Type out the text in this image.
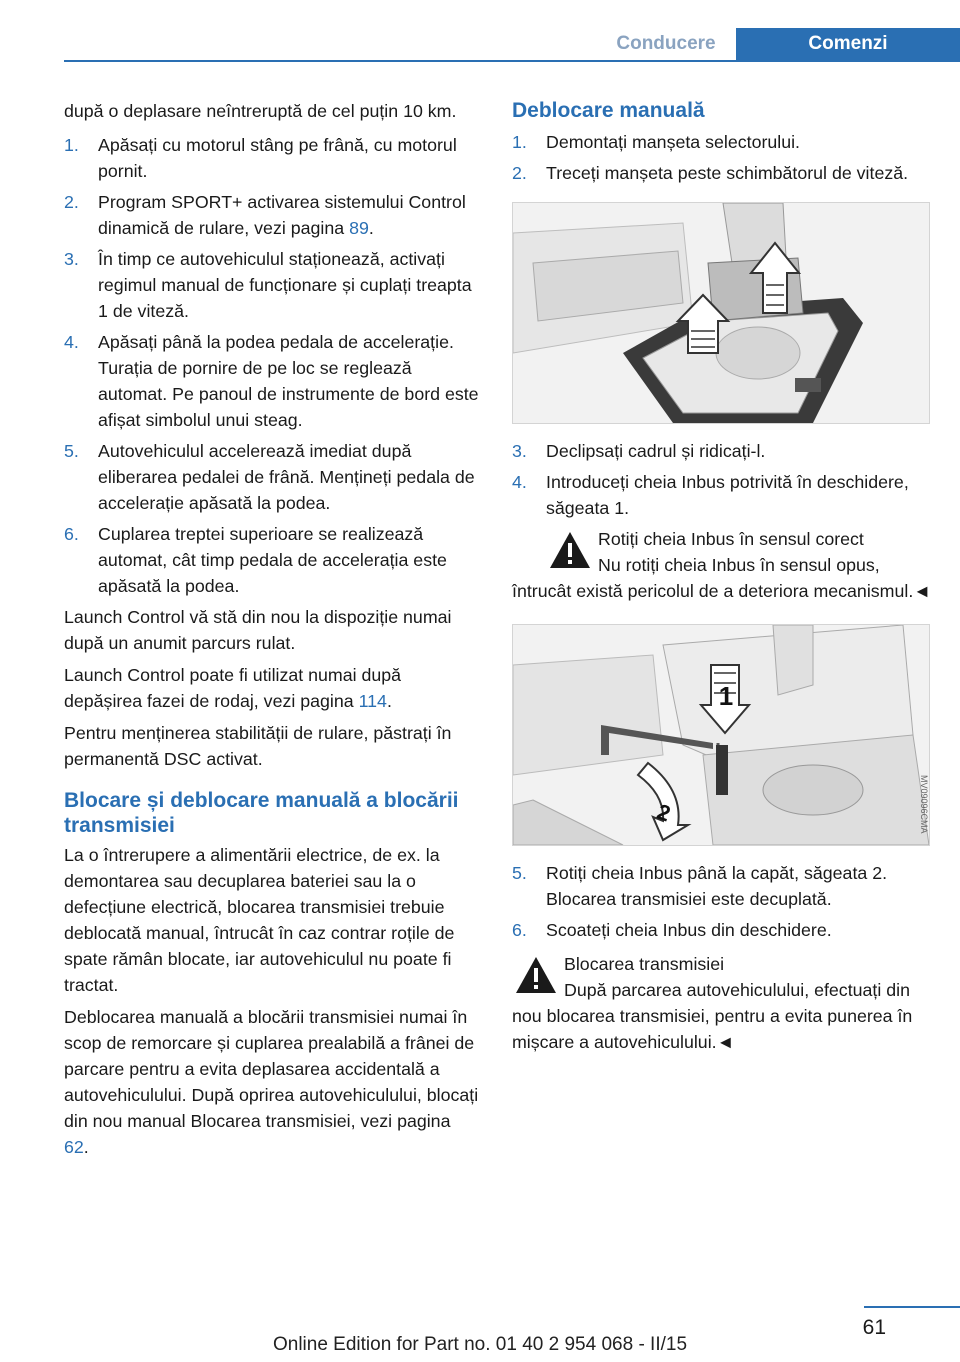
Conducere	Comenzi

după o deplasare neîntreruptă de cel puțin 10 km.

1. Apăsați cu motorul stâng pe frână, cu motorul pornit.
2. Program SPORT+ activarea sistemului Control dinamică de rulare, vezi pagina 89.
3. În timp ce autovehiculul staționează, activați regimul manual de funcționare și cuplați treapta 1 de viteză.
4. Apăsați până la podea pedala de accelerație. Turația de pornire de pe loc se reglează automat. Pe panoul de instrumente de bord este afișat simbolul unui steag.
5. Autovehiculul accelerează imediat după eliberarea pedalei de frână. Mențineți pedala de accelerație apăsată la podea.
6. Cuplarea treptei superioare se realizează automat, cât timp pedala de accelerația este apăsată la podea.

Launch Control vă stă din nou la dispoziție numai după un anumit parcurs rulat.

Launch Control poate fi utilizat numai după depășirea fazei de rodaj, vezi pagina 114.

Pentru menținerea stabilității de rulare, păstrați în permanentă DSC activat.

Blocare și deblocare manuală a blocării transmisiei

La o întrerupere a alimentării electrice, de ex. la demontarea sau decuplarea bateriei sau la o defecțiune electrică, blocarea transmisiei trebuie deblocată manual, întrucât în caz contrar roțile de spate rămân blocate, iar autovehiculul nu poate fi tractat.

Deblocarea manuală a blocării transmisiei numai în scop de remorcare și cuplarea prealabilă a frânei de parcare pentru a evita deplasarea accidentală a autovehiculului. După oprirea autovehiculului, blocați din nou manual Blocarea transmisiei, vezi pagina 62.

Deblocare manuală
1. Demontați manșeta selectorului.
2. Treceți manșeta peste schimbătorul de viteză.
3. Declipsați cadrul și ridicați-l.
4. Introduceți cheia Inbus potrivită în deschidere, săgeata 1.
Rotiți cheia Inbus în sensul corect
Nu rotiți cheia Inbus în sensul opus, întrucât există pericolul de a deteriora mecanismul.◄
1
2	MV09096CMA
5. Rotiți cheia Inbus până la capăt, săgeata 2. Blocarea transmisiei este decuplată.
6. Scoateți cheia Inbus din deschidere.
Blocarea transmisiei
După parcarea autovehiculului, efectuați din nou blocarea transmisiei, pentru a evita punerea în mișcare a autovehiculului.◄
61
Online Edition for Part no. 01 40 2 954 068 - II/15
